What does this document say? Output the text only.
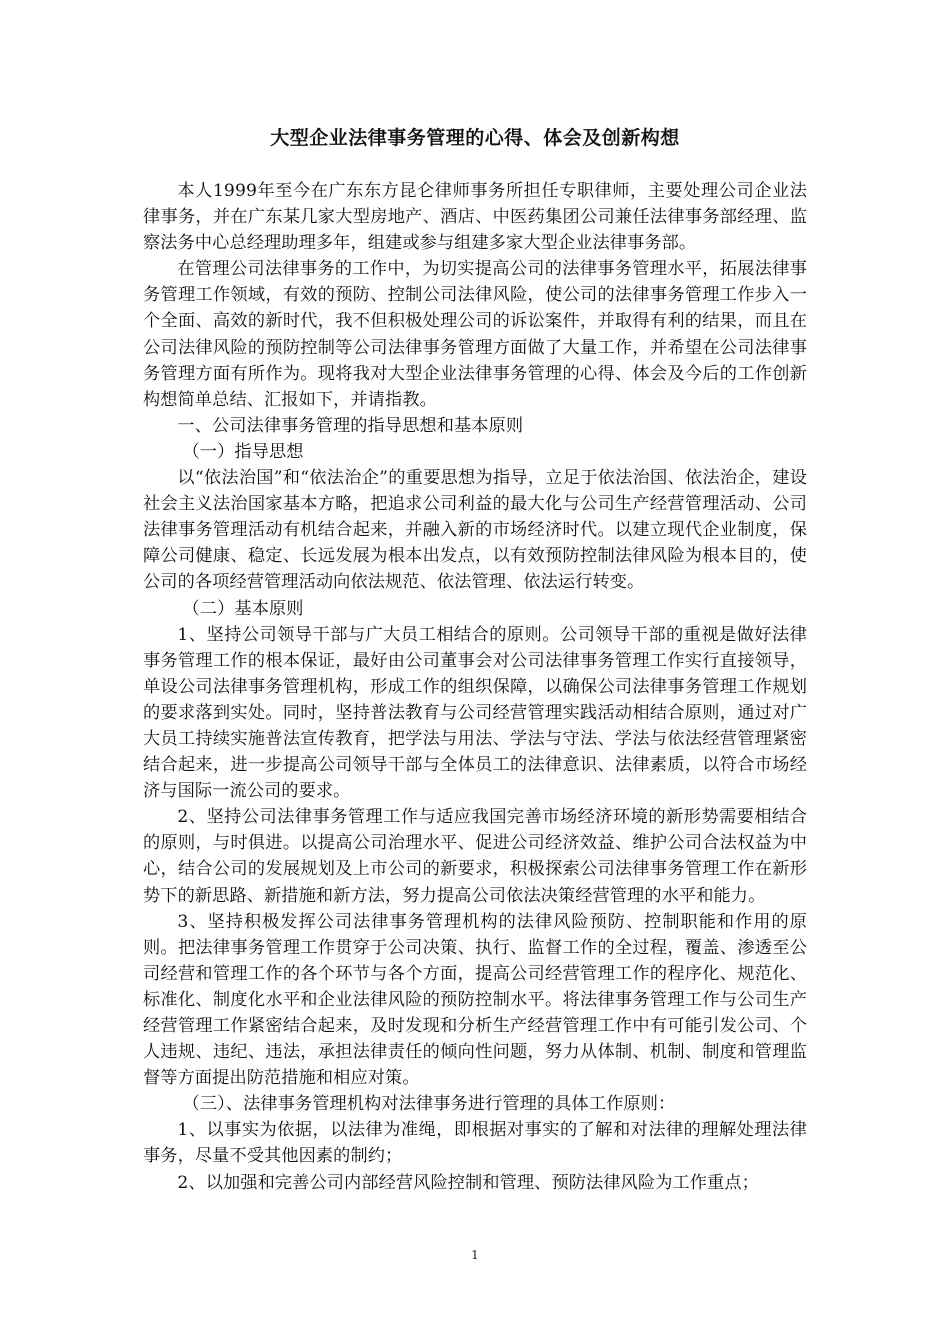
大型企业法律事务管理的心得、体会及创新构想

本人1999年至今在广东东方昆仑律师事务所担任专职律师，主要处理公司企业法律事务，并在广东某几家大型房地产、酒店、中医药集团公司兼任法律事务部经理、监察法务中心总经理助理多年，组建或参与组建多家大型企业法律事务部。

在管理公司法律事务的工作中，为切实提高公司的法律事务管理水平，拓展法律事务管理工作领域，有效的预防、控制公司法律风险，使公司的法律事务管理工作步入一个全面、高效的新时代，我不但积极处理公司的诉讼案件，并取得有利的结果，而且在公司法律风险的预防控制等公司法律事务管理方面做了大量工作，并希望在公司法律事务管理方面有所作为。现将我对大型企业法律事务管理的心得、体会及今后的工作创新构想简单总结、汇报如下，并请指教。

一、公司法律事务管理的指导思想和基本原则

（一）指导思想

以“依法治国”和“依法治企”的重要思想为指导，立足于依法治国、依法治企，建设社会主义法治国家基本方略，把追求公司利益的最大化与公司生产经营管理活动、公司法律事务管理活动有机结合起来，并融入新的市场经济时代。以建立现代企业制度，保障公司健康、稳定、长远发展为根本出发点，以有效预防控制法律风险为根本目的，使公司的各项经营管理活动向依法规范、依法管理、依法运行转变。

（二）基本原则

1、坚持公司领导干部与广大员工相结合的原则。公司领导干部的重视是做好法律事务管理工作的根本保证，最好由公司董事会对公司法律事务管理工作实行直接领导，单设公司法律事务管理机构，形成工作的组织保障，以确保公司法律事务管理工作规划的要求落到实处。同时，坚持普法教育与公司经营管理实践活动相结合原则，通过对广大员工持续实施普法宣传教育，把学法与用法、学法与守法、学法与依法经营管理紧密结合起来，进一步提高公司领导干部与全体员工的法律意识、法律素质，以符合市场经济与国际一流公司的要求。

2、坚持公司法律事务管理工作与适应我国完善市场经济环境的新形势需要相结合的原则，与时俱进。以提高公司治理水平、促进公司经济效益、维护公司合法权益为中心，结合公司的发展规划及上市公司的新要求，积极探索公司法律事务管理工作在新形势下的新思路、新措施和新方法，努力提高公司依法决策经营管理的水平和能力。

3、坚持积极发挥公司法律事务管理机构的法律风险预防、控制职能和作用的原则。把法律事务管理工作贯穿于公司决策、执行、监督工作的全过程，覆盖、渗透至公司经营和管理工作的各个环节与各个方面，提高公司经营管理工作的程序化、规范化、标准化、制度化水平和企业法律风险的预防控制水平。将法律事务管理工作与公司生产经营管理工作紧密结合起来，及时发现和分析生产经营管理工作中有可能引发公司、个人违规、违纪、违法，承担法律责任的倾向性问题，努力从体制、机制、制度和管理监督等方面提出防范措施和相应对策。

（三）、法律事务管理机构对法律事务进行管理的具体工作原则：

1、以事实为依据，以法律为准绳，即根据对事实的了解和对法律的理解处理法律事务，尽量不受其他因素的制约；

2、以加强和完善公司内部经营风险控制和管理、预防法律风险为工作重点；

1
